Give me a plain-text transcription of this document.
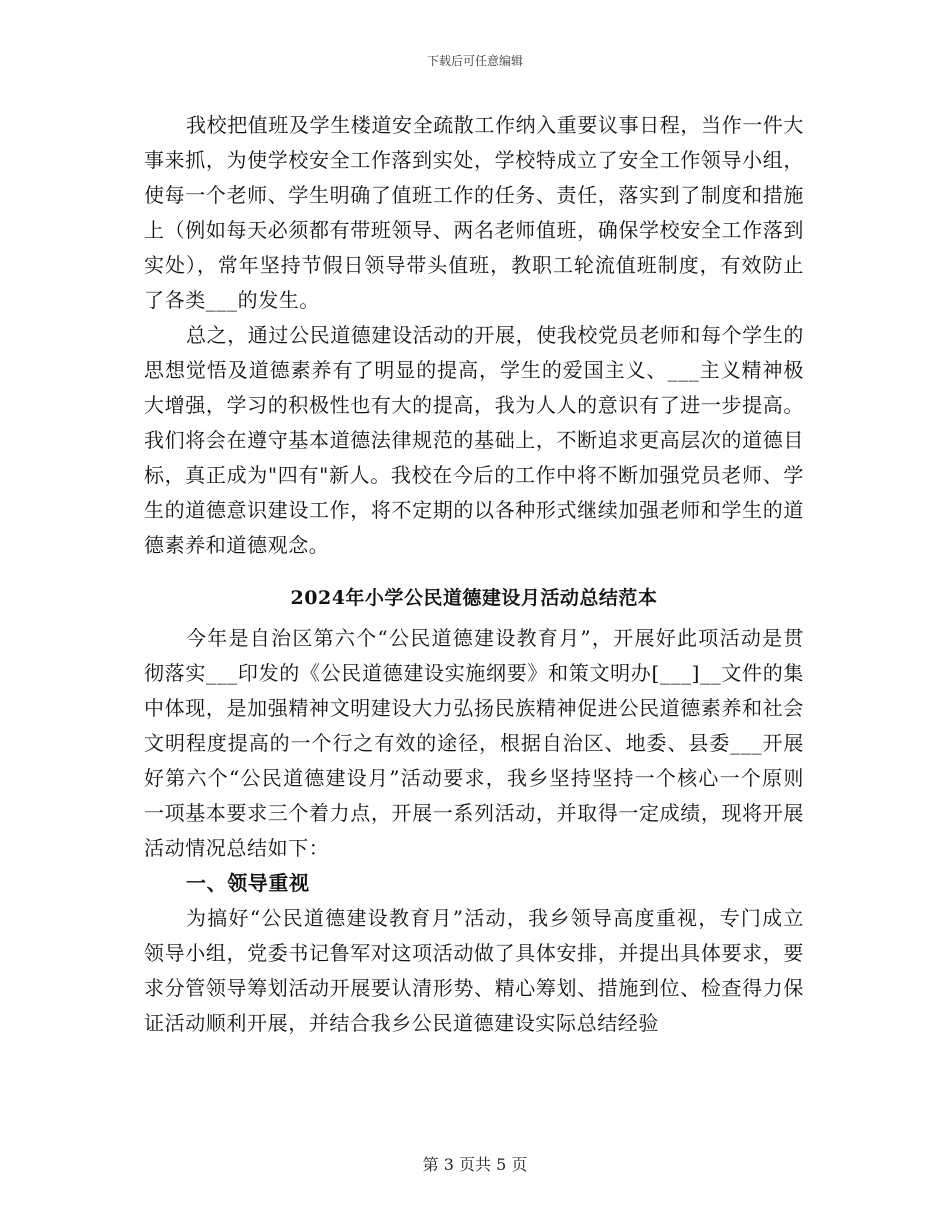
下载后可任意编辑

我校把值班及学生楼道安全疏散工作纳入重要议事日程，当作一件大事来抓，为使学校安全工作落到实处，学校特成立了安全工作领导小组，使每一个老师、学生明确了值班工作的任务、责任，落实到了制度和措施上（例如每天必须都有带班领导、两名老师值班，确保学校安全工作落到实处），常年坚持节假日领导带头值班，教职工轮流值班制度，有效防止了各类___的发生。

总之，通过公民道德建设活动的开展，使我校党员老师和每个学生的思想觉悟及道德素养有了明显的提高，学生的爱国主义、___主义精神极大增强，学习的积极性也有大的提高，我为人人的意识有了进一步提高。我们将会在遵守基本道德法律规范的基础上，不断追求更高层次的道德目标，真正成为"四有"新人。我校在今后的工作中将不断加强党员老师、学生的道德意识建设工作，将不定期的以各种形式继续加强老师和学生的道德素养和道德观念。

2024年小学公民道德建设月活动总结范本

今年是自治区第六个“公民道德建设教育月”，开展好此项活动是贯彻落实___印发的《公民道德建设实施纲要》和策文明办[___]__文件的集中体现，是加强精神文明建设大力弘扬民族精神促进公民道德素养和社会文明程度提高的一个行之有效的途径，根据自治区、地委、县委___开展好第六个“公民道德建设月”活动要求，我乡坚持坚持一个核心一个原则一项基本要求三个着力点，开展一系列活动，并取得一定成绩，现将开展活动情况总结如下：

一、领导重视

为搞好“公民道德建设教育月”活动，我乡领导高度重视，专门成立领导小组，党委书记鲁军对这项活动做了具体安排，并提出具体要求，要求分管领导筹划活动开展要认清形势、精心筹划、措施到位、检查得力保证活动顺利开展，并结合我乡公民道德建设实际总结经验

第 3 页共 5 页
